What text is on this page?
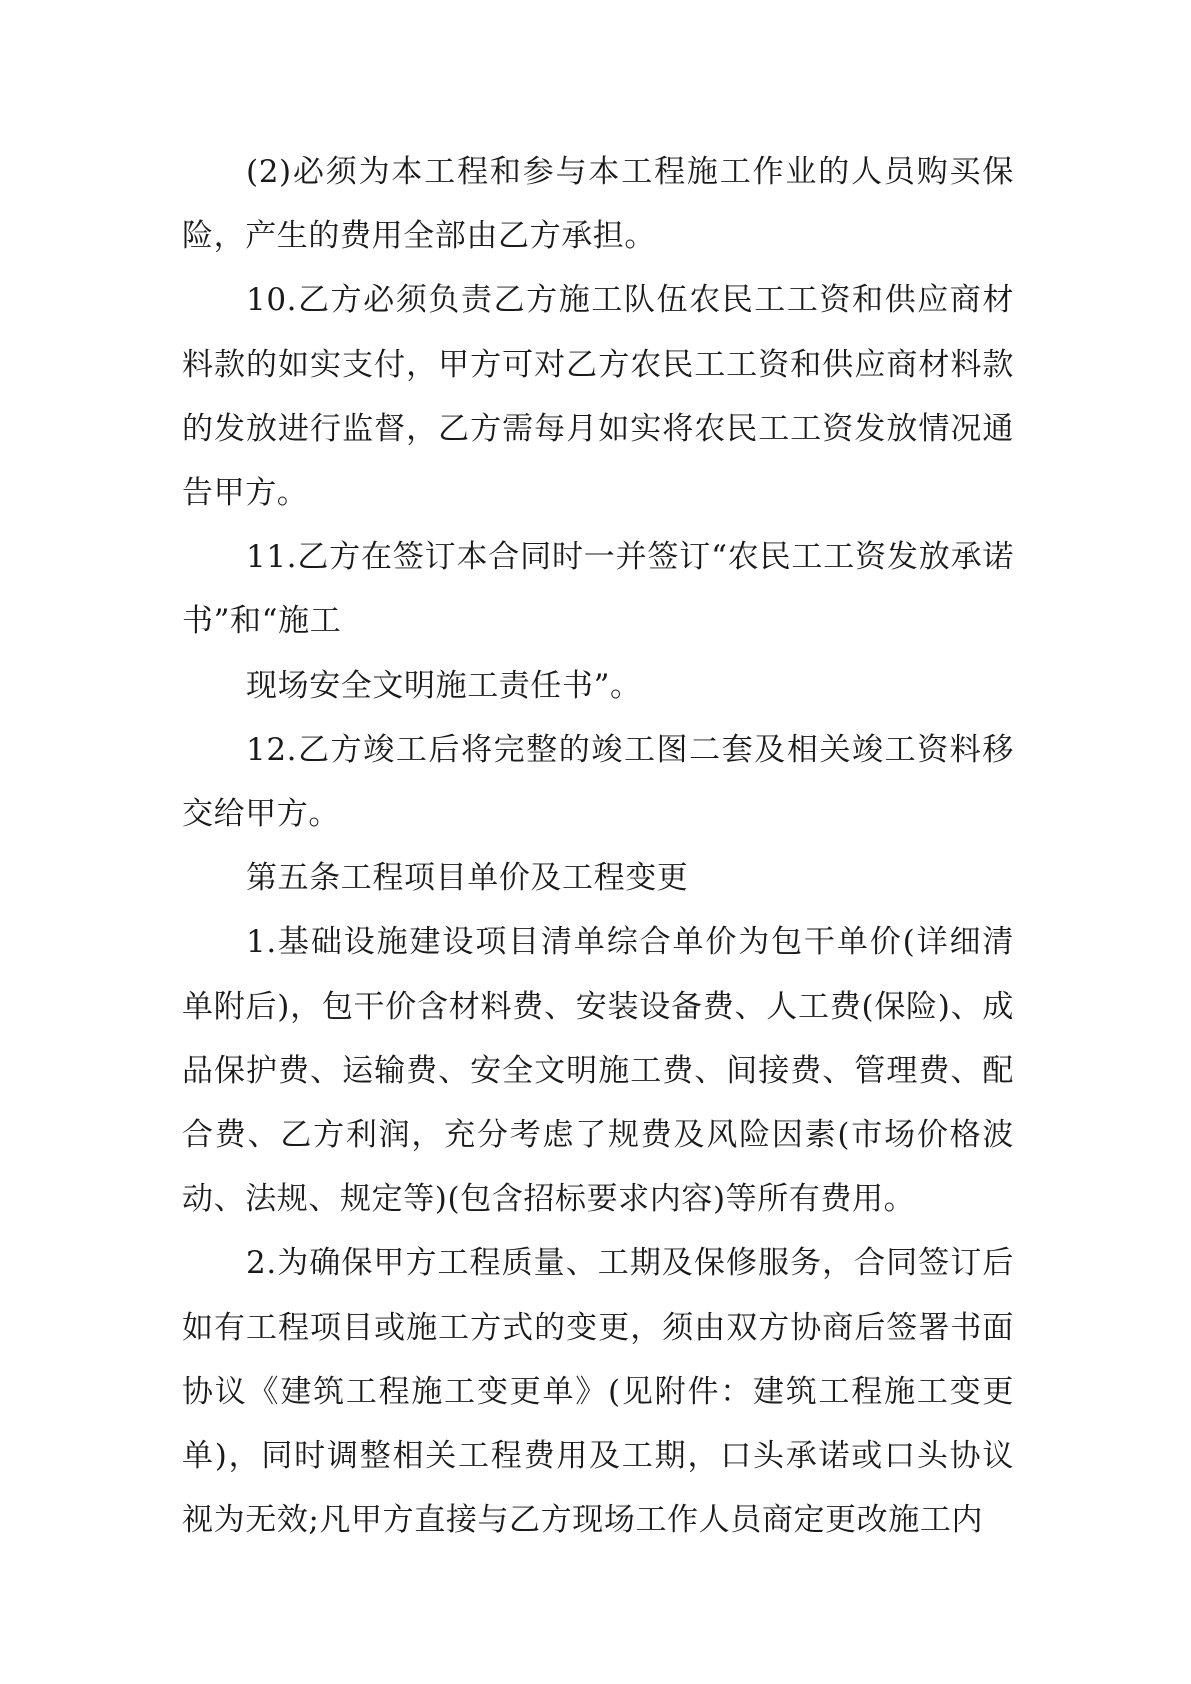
(2)必须为本工程和参与本工程施工作业的人员购买保险，产生的费用全部由乙方承担。

10.乙方必须负责乙方施工队伍农民工工资和供应商材料款的如实支付，甲方可对乙方农民工工资和供应商材料款的发放进行监督，乙方需每月如实将农民工工资发放情况通告甲方。

11.乙方在签订本合同时一并签订“农民工工资发放承诺书”和“施工

现场安全文明施工责任书”。

12.乙方竣工后将完整的竣工图二套及相关竣工资料移交给甲方。

第五条工程项目单价及工程变更

1.基础设施建设项目清单综合单价为包干单价(详细清单附后)，包干价含材料费、安装设备费、人工费(保险)、成品保护费、运输费、安全文明施工费、间接费、管理费、配合费、乙方利润，充分考虑了规费及风险因素(市场价格波动、法规、规定等)(包含招标要求内容)等所有费用。

2.为确保甲方工程质量、工期及保修服务，合同签订后如有工程项目或施工方式的变更，须由双方协商后签署书面协议《建筑工程施工变更单》(见附件：建筑工程施工变更单)，同时调整相关工程费用及工期，口头承诺或口头协议视为无效;凡甲方直接与乙方现场工作人员商定更改施工内
